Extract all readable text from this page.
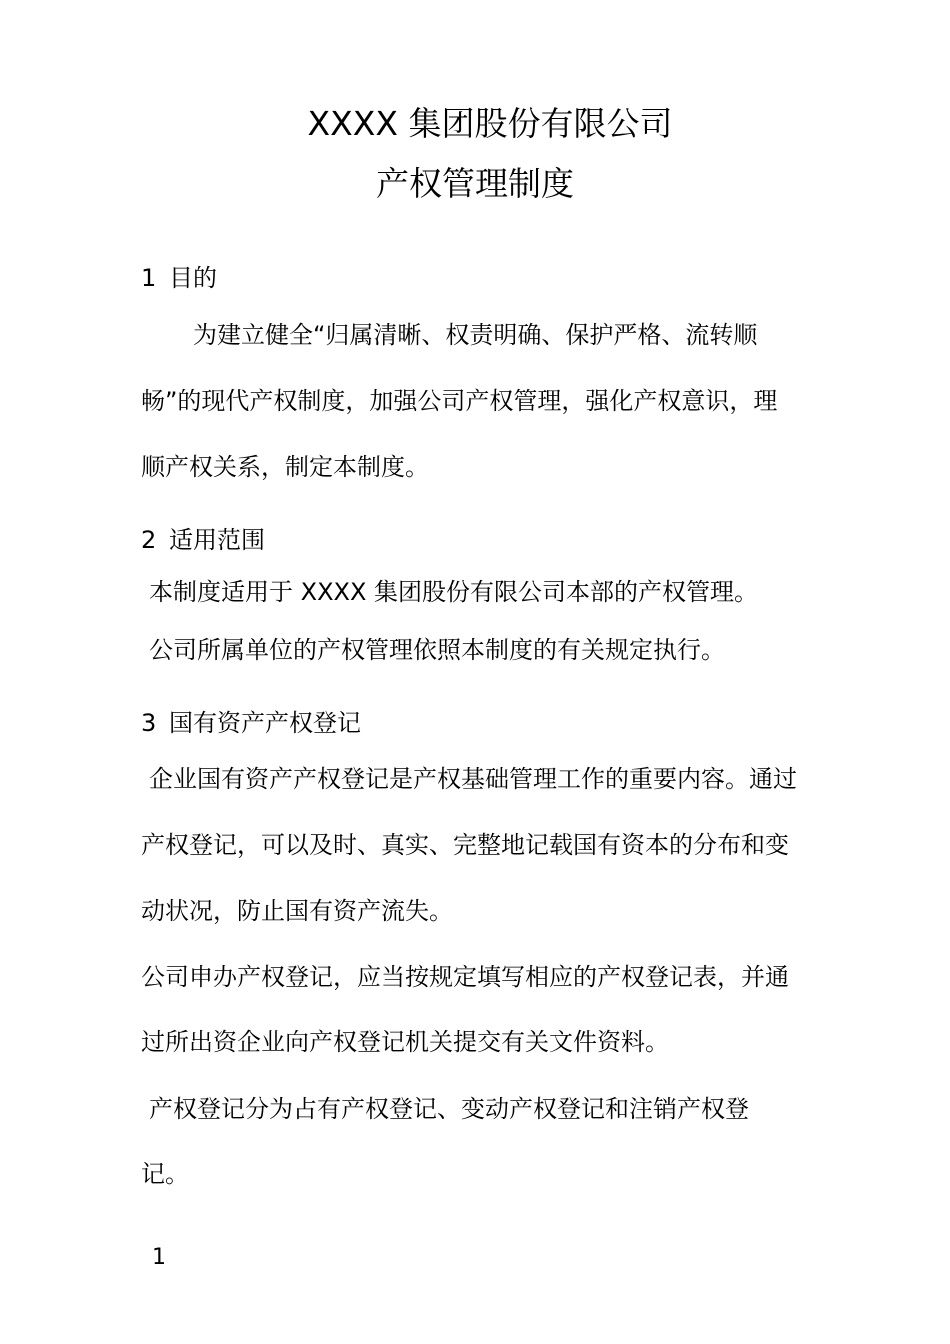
XXXX 集团股份有限公司
产权管理制度
1 目的
为建立健全“归属清晰、权责明确、保护严格、流转顺
畅”的现代产权制度，加强公司产权管理，强化产权意识，理
顺产权关系，制定本制度。
2 适用范围
本制度适用于 XXXX 集团股份有限公司本部的产权管理。
公司所属单位的产权管理依照本制度的有关规定执行。
3 国有资产产权登记
企业国有资产产权登记是产权基础管理工作的重要内容。通过
产权登记，可以及时、真实、完整地记载国有资本的分布和变
动状况，防止国有资产流失。
公司申办产权登记，应当按规定填写相应的产权登记表，并通
过所出资企业向产权登记机关提交有关文件资料。
产权登记分为占有产权登记、变动产权登记和注销产权登
记。
1
